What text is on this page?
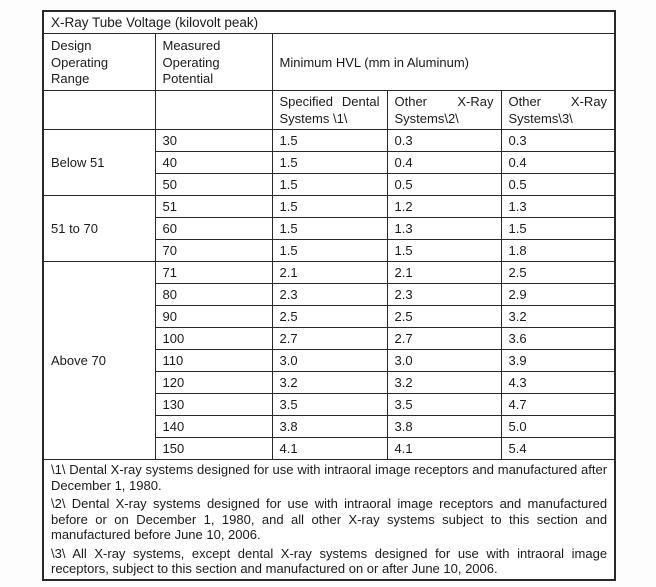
X-Ray Tube Voltage (kilovolt peak)				
Design Operating Range	Measured Operating Potential	Minimum HVL (mm in Aluminum)		
		Specified Dental Systems \1\	Other X-Ray Systems\2\	Other X-Ray Systems\3\
Below 51	30	1.5	0.3	0.3
	40	1.5	0.4	0.4
	50	1.5	0.5	0.5
51 to 70	51	1.5	1.2	1.3
	60	1.5	1.3	1.5
	70	1.5	1.5	1.8
Above 70	71	2.1	2.1	2.5
	80	2.3	2.3	2.9
	90	2.5	2.5	3.2
	100	2.7	2.7	3.6
	110	3.0	3.0	3.9
	120	3.2	3.2	4.3
	130	3.5	3.5	4.7
	140	3.8	3.8	5.0
	150	4.1	4.1	5.4

\1\ Dental X-ray systems designed for use with intraoral image receptors and manufactured after December 1, 1980.

\2\ Dental X-ray systems designed for use with intraoral image receptors and manufactured before or on December 1, 1980, and all other X-ray systems subject to this section and manufactured before June 10, 2006.

\3\ All X-ray systems, except dental X-ray systems designed for use with intraoral image receptors, subject to this section and manufactured on or after June 10, 2006.				
